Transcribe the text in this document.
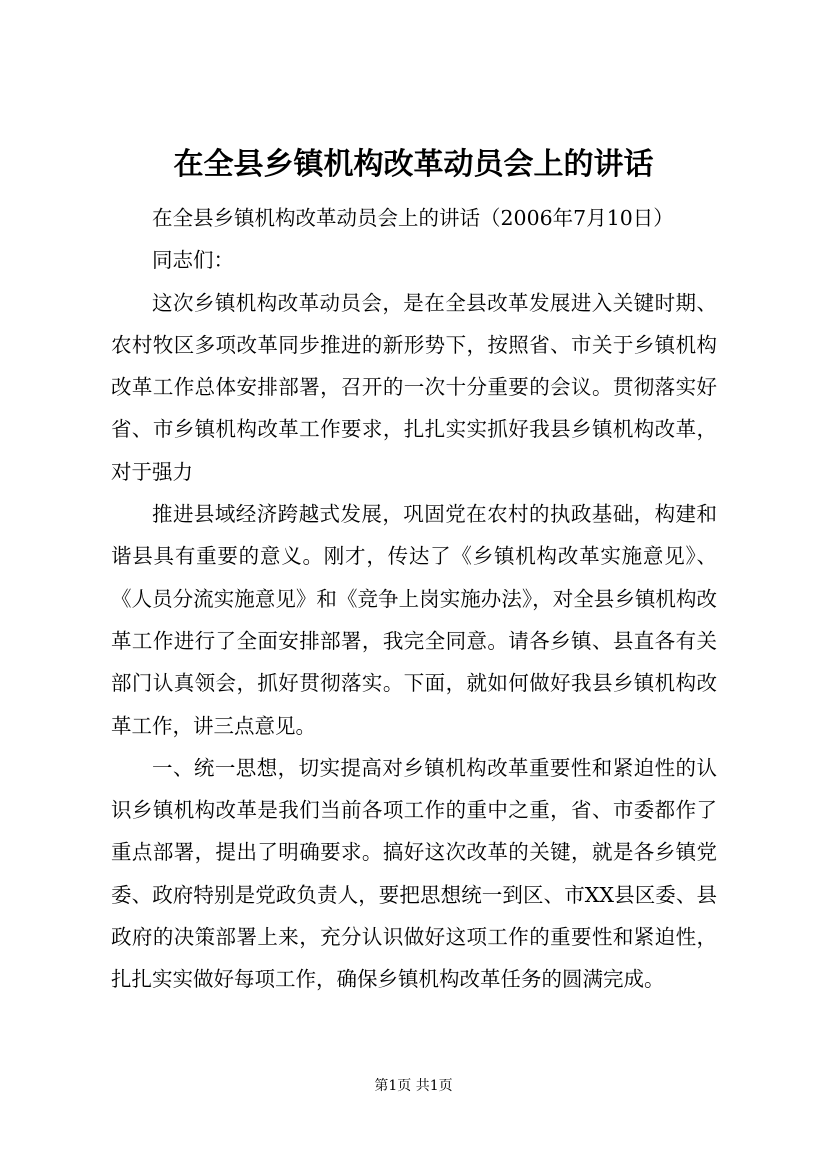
在全县乡镇机构改革动员会上的讲话

在全县乡镇机构改革动员会上的讲话（2006年7月10日）

同志们：

这次乡镇机构改革动员会，是在全县改革发展进入关键时期、农村牧区多项改革同步推进的新形势下，按照省、市关于乡镇机构改革工作总体安排部署，召开的一次十分重要的会议。贯彻落实好省、市乡镇机构改革工作要求，扎扎实实抓好我县乡镇机构改革，对于强力

推进县域经济跨越式发展，巩固党在农村的执政基础，构建和谐县具有重要的意义。刚才，传达了《乡镇机构改革实施意见》、《人员分流实施意见》和《竞争上岗实施办法》，对全县乡镇机构改革工作进行了全面安排部署，我完全同意。请各乡镇、县直各有关部门认真领会，抓好贯彻落实。下面，就如何做好我县乡镇机构改革工作，讲三点意见。

一、统一思想，切实提高对乡镇机构改革重要性和紧迫性的认识乡镇机构改革是我们当前各项工作的重中之重，省、市委都作了重点部署，提出了明确要求。搞好这次改革的关键，就是各乡镇党委、政府特别是党政负责人，要把思想统一到区、市XX县区委、县政府的决策部署上来，充分认识做好这项工作的重要性和紧迫性，扎扎实实做好每项工作，确保乡镇机构改革任务的圆满完成。

第1页 共1页
